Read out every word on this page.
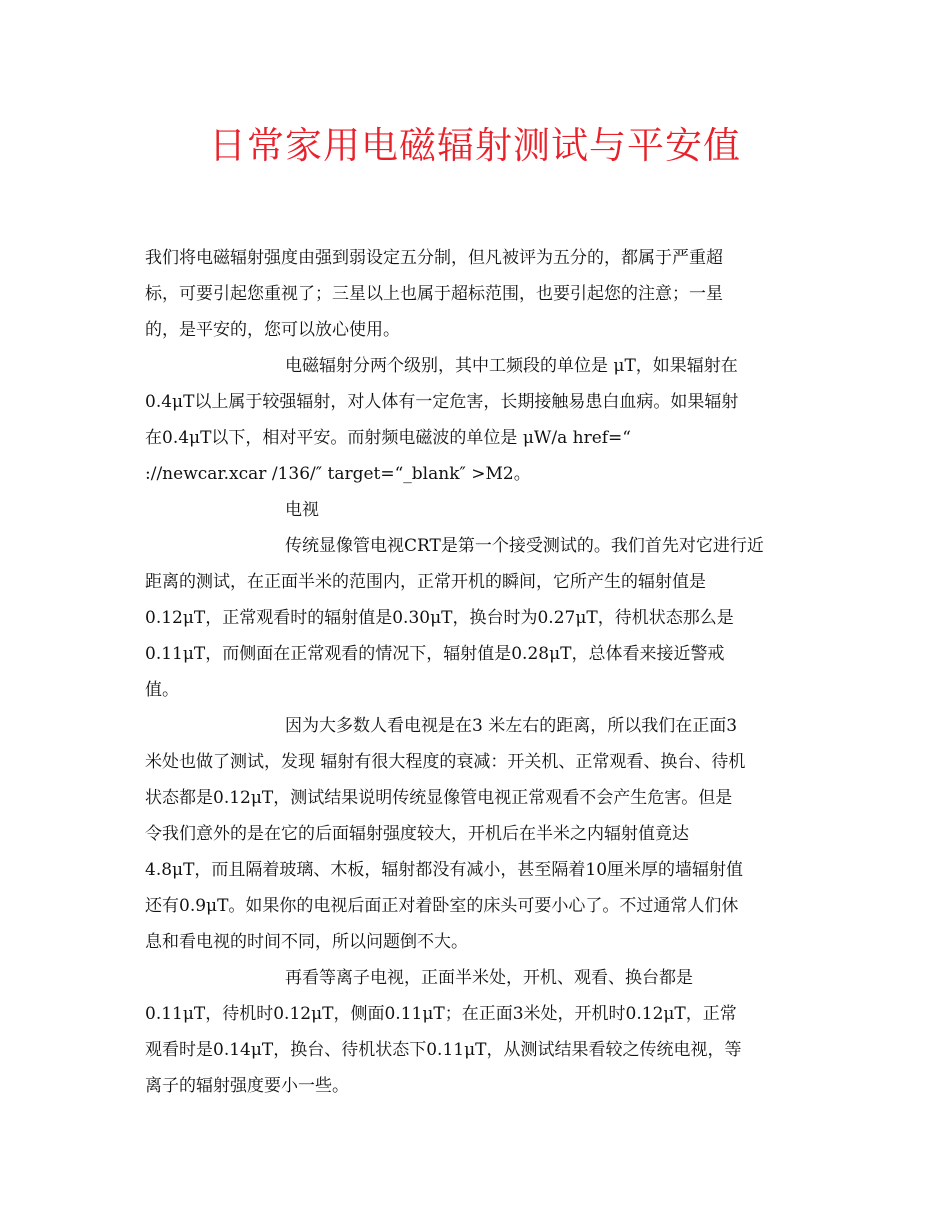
日常家用电磁辐射测试与平安值

我们将电磁辐射强度由强到弱设定五分制，但凡被评为五分的，都属于严重超

标，可要引起您重视了；三星以上也属于超标范围，也要引起您的注意；一星

的，是平安的，您可以放心使用。

电磁辐射分两个级别，其中工频段的单位是 μT，如果辐射在

0.4μT以上属于较强辐射，对人体有一定危害，长期接触易患白血病。如果辐射

在0.4μT以下，相对平安。而射频电磁波的单位是 μW/a href=“

://newcar.xcar /136/″ target=“_blank″ >M2。

电视

传统显像管电视CRT是第一个接受测试的。我们首先对它进行近

距离的测试，在正面半米的范围内，正常开机的瞬间，它所产生的辐射值是

0.12μT，正常观看时的辐射值是0.30μT，换台时为0.27μT，待机状态那么是

0.11μT，而侧面在正常观看的情况下，辐射值是0.28μT，总体看来接近警戒

值。

因为大多数人看电视是在3 米左右的距离，所以我们在正面3

米处也做了测试，发现 辐射有很大程度的衰减：开关机、正常观看、换台、待机

状态都是0.12μT，测试结果说明传统显像管电视正常观看不会产生危害。但是

令我们意外的是在它的后面辐射强度较大，开机后在半米之内辐射值竟达

4.8μT，而且隔着玻璃、木板，辐射都没有减小，甚至隔着10厘米厚的墙辐射值

还有0.9μT。如果你的电视后面正对着卧室的床头可要小心了。不过通常人们休

息和看电视的时间不同，所以问题倒不大。

再看等离子电视，正面半米处，开机、观看、换台都是

0.11μT，待机时0.12μT，侧面0.11μT；在正面3米处，开机时0.12μT，正常

观看时是0.14μT，换台、待机状态下0.11μT，从测试结果看较之传统电视，等

离子的辐射强度要小一些。
